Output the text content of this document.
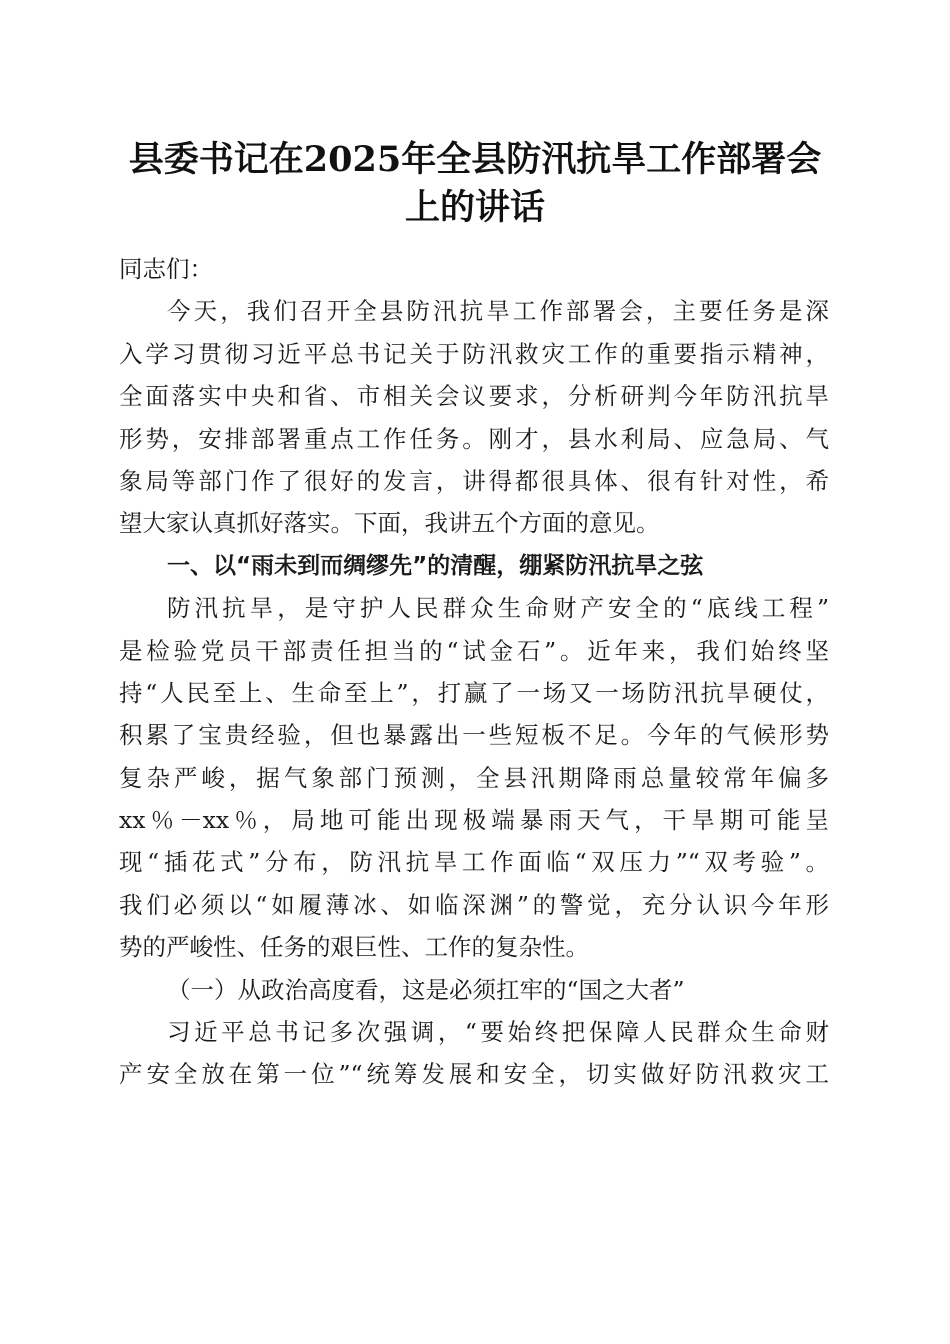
县委书记在2025年全县防汛抗旱工作部署会
上的讲话
同志们：
今天，我们召开全县防汛抗旱工作部署会，主要任务是深
入学习贯彻习近平总书记关于防汛救灾工作的重要指示精神，
全面落实中央和省、市相关会议要求，分析研判今年防汛抗旱
形势，安排部署重点工作任务。刚才，县水利局、应急局、气
象局等部门作了很好的发言，讲得都很具体、很有针对性，希
望大家认真抓好落实。下面，我讲五个方面的意见。
一、以“雨未到而绸缪先”的清醒，绷紧防汛抗旱之弦
防汛抗旱，是守护人民群众生命财产安全的“底线工程”
是检验党员干部责任担当的“试金石”。近年来，我们始终坚
持“人民至上、生命至上”，打赢了一场又一场防汛抗旱硬仗，
积累了宝贵经验，但也暴露出一些短板不足。今年的气候形势
复杂严峻，据气象部门预测，全县汛期降雨总量较常年偏多
xx％－xx％，局地可能出现极端暴雨天气，干旱期可能呈
现“插花式”分布，防汛抗旱工作面临“双压力”“双考验”。
我们必须以“如履薄冰、如临深渊”的警觉，充分认识今年形
势的严峻性、任务的艰巨性、工作的复杂性。
（一）从政治高度看，这是必须扛牢的“国之大者”
习近平总书记多次强调，“要始终把保障人民群众生命财
产安全放在第一位”“统筹发展和安全，切实做好防汛救灾工
